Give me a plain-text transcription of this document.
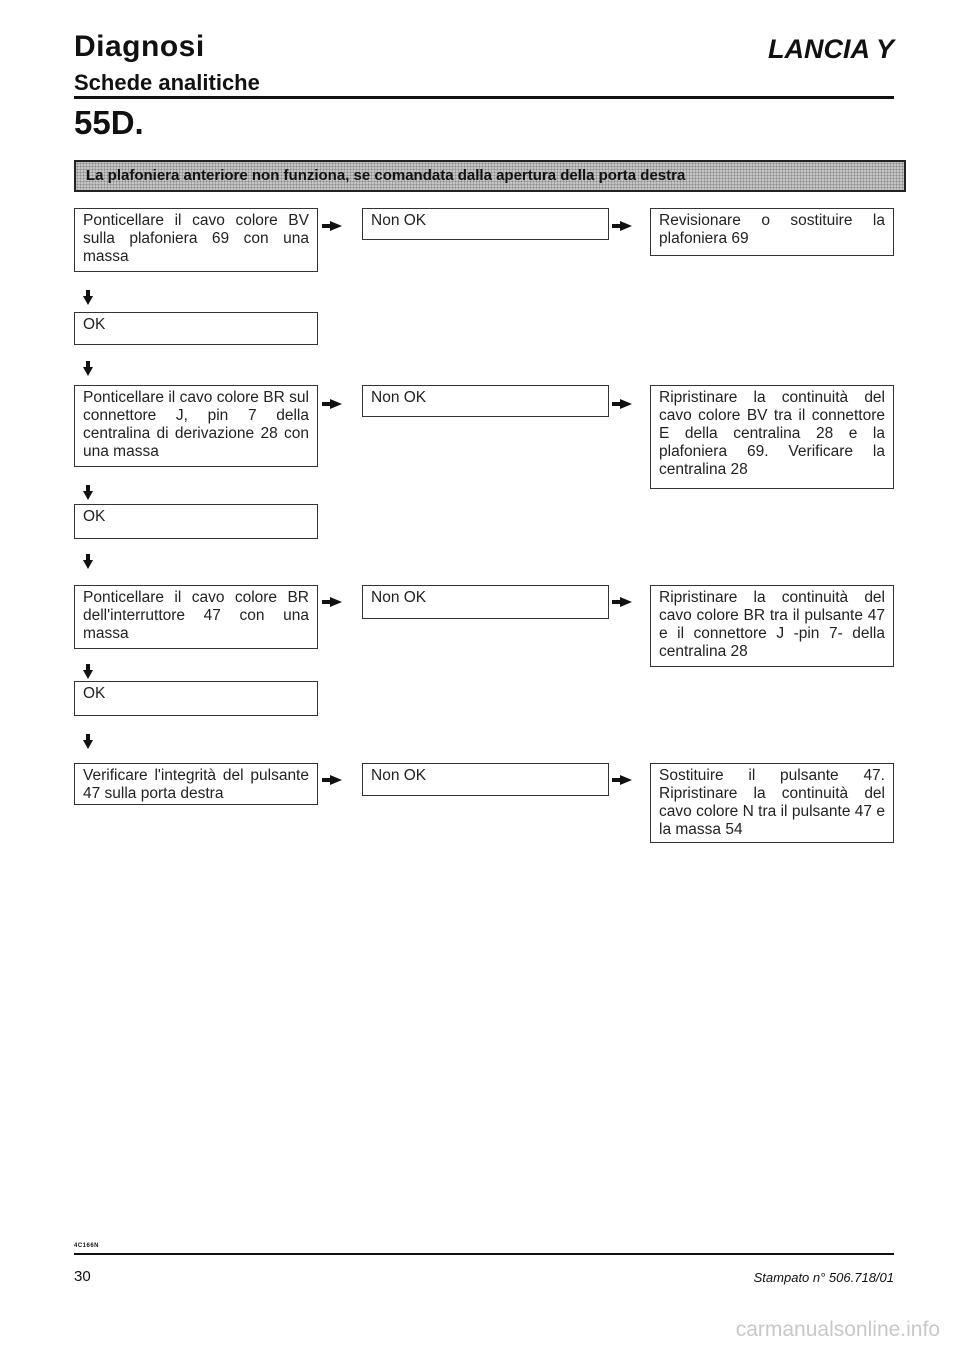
Diagnosi
Schede analitiche
LANCIA Y
55D.
La plafoniera anteriore non funziona, se comandata dalla apertura della porta destra
Ponticellare il cavo colore BV sulla plafoniera 69 con una massa
Non OK	Revisionare o sostituire la plafoniera 69
OK
Ponticellare il cavo colore BR sul connettore J, pin 7 della centralina di derivazione 28 con una massa
Non OK	Ripristinare la continuità del cavo colore BV tra il connettore E della centralina 28 e la plafoniera 69. Verificare la centralina 28
OK
Ponticellare il cavo colore BR dell'interruttore 47 con una massa
Non OK	Ripristinare la continuità del cavo colore BR tra il pulsante 47 e il connettore J -pin 7- della centralina 28
OK
Verificare l'integrità del pulsante 47 sulla porta destra
Non OK	Sostituire il pulsante 47. Ripristinare la continuità del cavo colore N tra il pulsante 47 e la massa 54
4C166N
30	Stampato n° 506.718/01
carmanualsonline.info
